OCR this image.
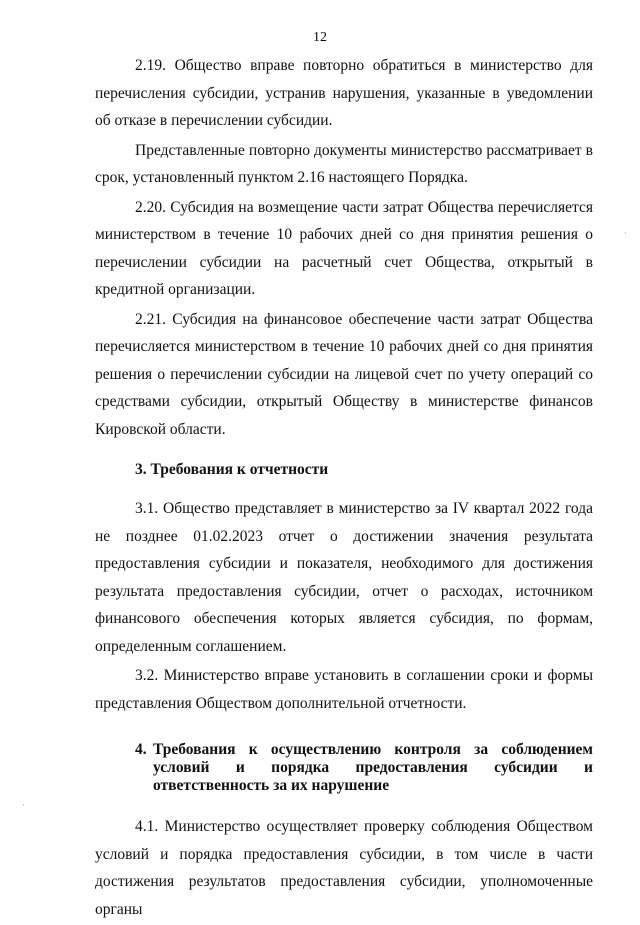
12

2.19. Общество вправе повторно обратиться в министерство для перечисления субсидии, устранив нарушения, указанные в уведомлении об отказе в перечислении субсидии.

Представленные повторно документы министерство рассматривает в срок, установленный пунктом 2.16 настоящего Порядка.

2.20. Субсидия на возмещение части затрат Общества перечисляется министерством в течение 10 рабочих дней со дня принятия решения о перечислении субсидии на расчетный счет Общества, открытый в кредитной организации.

2.21. Субсидия на финансовое обеспечение части затрат Общества перечисляется министерством в течение 10 рабочих дней со дня принятия решения о перечислении субсидии на лицевой счет по учету операций со средствами субсидии, открытый Обществу в министерстве финансов Кировской области.

3. Требования к отчетности

3.1. Общество представляет в министерство за IV квартал 2022 года не позднее 01.02.2023 отчет о достижении значения результата предоставления субсидии и показателя, необходимого для достижения результата предоставления субсидии, отчет о расходах, источником финансового обеспечения которых является субсидия, по формам, определенным соглашением.

3.2. Министерство вправе установить в соглашении сроки и формы представления Обществом дополнительной отчетности.

4. Требования к осуществлению контроля за соблюдением условий и порядка предоставления субсидии и ответственность за их нарушение

4.1. Министерство осуществляет проверку соблюдения Обществом условий и порядка предоставления субсидии, в том числе в части достижения результатов предоставления субсидии, уполномоченные органы

·
·
